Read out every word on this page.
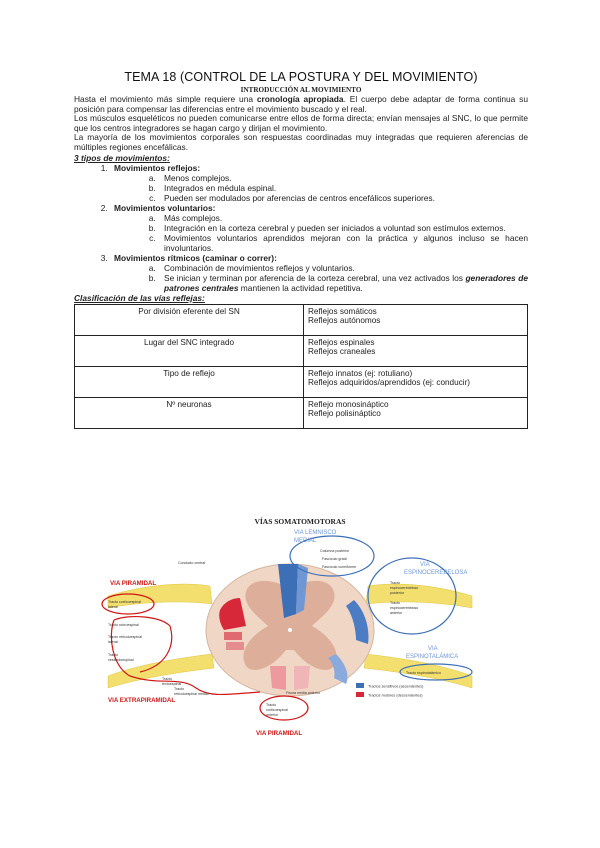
TEMA 18 (CONTROL DE LA POSTURA Y DEL MOVIMIENTO)
INTRODUCCIÓN AL MOVIMIENTO

Hasta el movimiento más simple requiere una cronología apropiada. El cuerpo debe adaptar de forma continua su posición para compensar las diferencias entre el movimiento buscado y el real.

Los músculos esqueléticos no pueden comunicarse entre ellos de forma directa; envían mensajes al SNC, lo que permite que los centros integradores se hagan cargo y dirijan el movimiento.

La mayoría de los movimientos corporales son respuestas coordinadas muy integradas que requieren aferencias de múltiples regiones encefálicas.

3 tipos de movimientos:
1. Movimientos reflejos:
a. Menos complejos.
b. Integrados en médula espinal.
c. Pueden ser modulados por aferencias de centros encefálicos superiores.
2. Movimientos voluntarios:
a. Más complejos.
b. Integración en la corteza cerebral y pueden ser iniciados a voluntad son estímulos externos.
c. Movimientos voluntarios aprendidos mejoran con la práctica y algunos incluso se hacen involuntarios.
3. Movimientos rítmicos (caminar o correr):
a. Combinación de movimientos reflejos y voluntarios.
b. Se inician y terminan por aferencia de la corteza cerebral, una vez activados los generadores de patrones centrales mantienen la actividad repetitiva.
Clasificación de las vías reflejas:
Por división eferente del SN	Reflejos somáticos
Reflejos autónomos

Lugar del SNC integrado	Reflejos espinales
Reflejos craneales

Tipo de reflejo	Reflejo innatos (ej: rotuliano)
Reflejos adquiridos/aprendidos (ej: conducir)

Nº neuronas	Reflejo monosináptico
Reflejo polisináptico
VÍAS SOMATOMOTORAS
VIA PIRAMIDAL
VIA EXTRAPIRAMIDAL
VIA PIRAMIDAL
VIA LEMNISCO
MEDIAL
VIA
ESPINOCEREBELOSA
VIA
ESPINOTALÁMICA
Conducto central
Columna posterior
Fascículo grácil
Fascículo cuneiforme
Tracto
espinocerebeloso
posterior
Tracto
espinocerebeloso
anterior
Tracto corticoespinal
lateral
Tracto rubroespinal
Tracto reticuloespinal
lateral
Tracto
vestibuloespinal
Tracto
tectoespinal
Tracto
reticuloespinal medial
Tracto
corticoespinal
anterior
Fisura media anterior
Tracto espinotalámico
Tractos sensitivos (ascendentes)
Tractos motores (descendentes)
